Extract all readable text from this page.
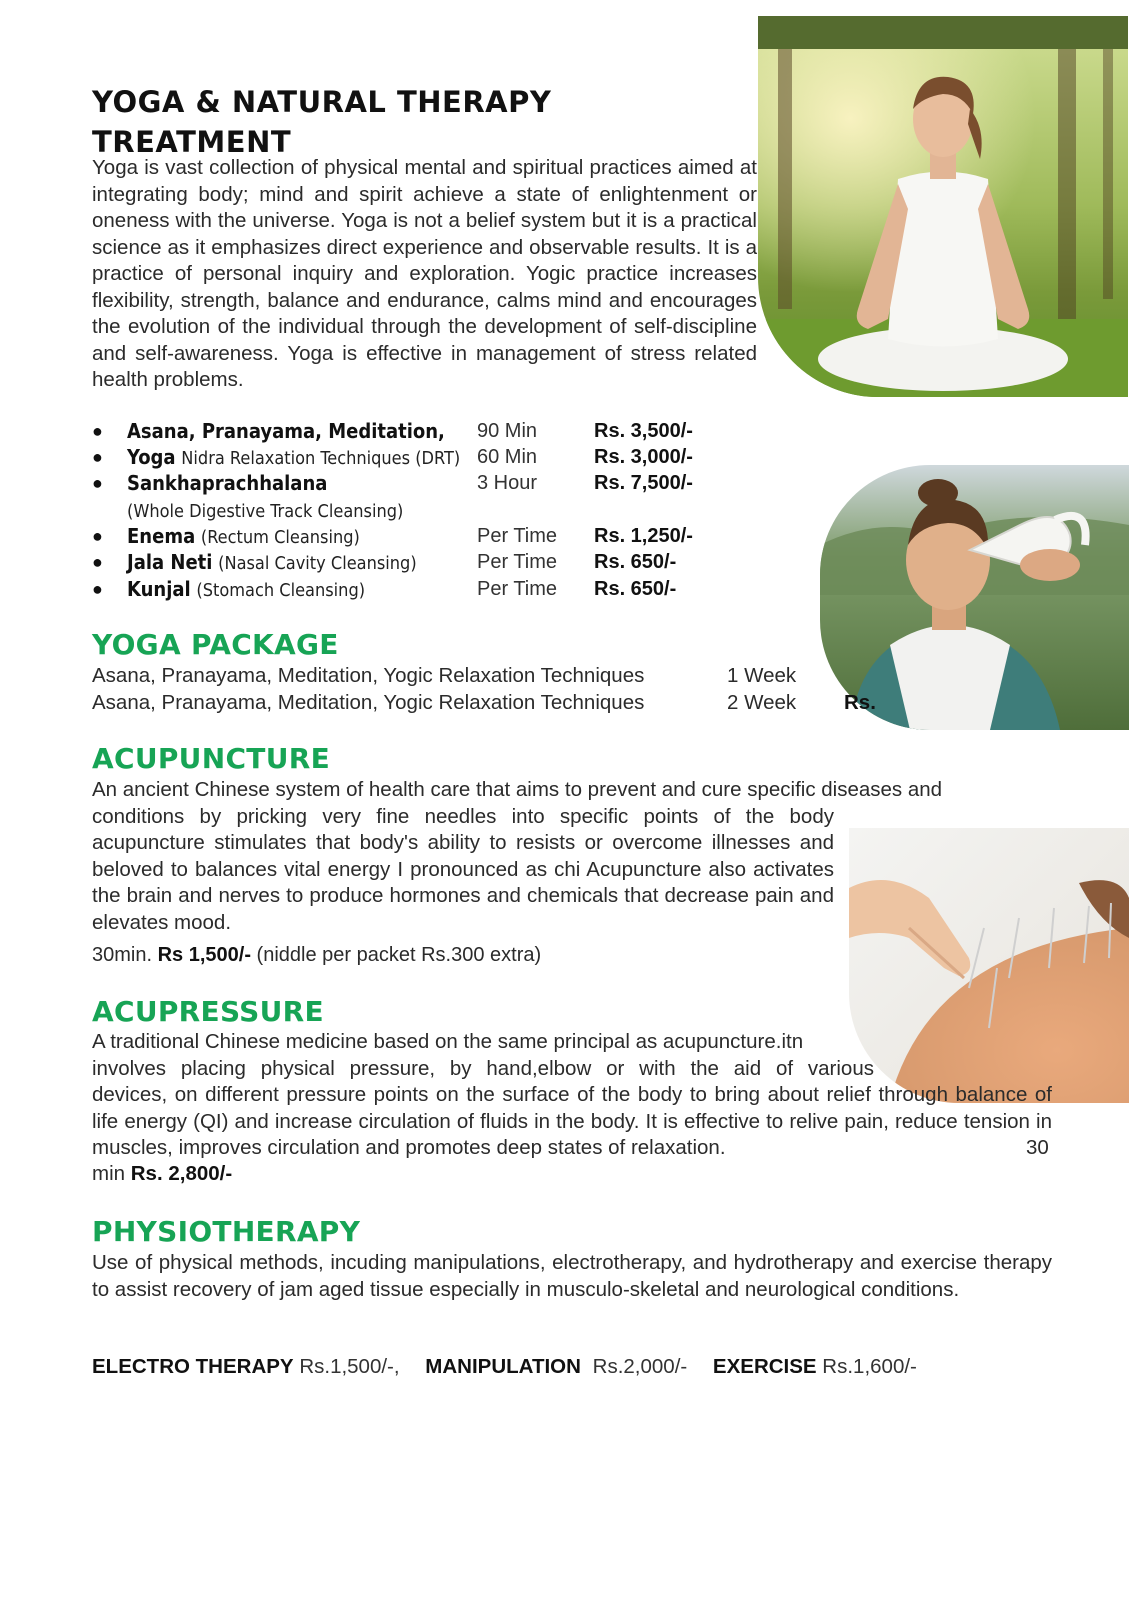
YOGA & NATURAL THERAPY TREATMENT

Yoga is vast collection of physical mental and spiritual practices aimed at integrating body; mind and spirit achieve a state of enlightenment or oneness with the universe. Yoga is not a belief system but it is a practical science as it emphasizes direct experience and observable results. It is a practice of personal inquiry and exploration. Yogic practice increases flexibility, strength, balance and endurance, calms mind and encourages the evolution of the individual through the development of self-discipline and self-awareness. Yoga is effective in management of stress related health problems.

● Asana, Pranayama, Meditation, 90 Min	Rs. 3,500/-
● Yoga Nidra Relaxation Techniques (DRT) 60 Min	Rs. 3,000/-
● Sankhaprachhalana	3 Hour	Rs. 7,500/-
(Whole Digestive Track Cleansing)
● Enema (Rectum Cleansing)	Per Time Rs. 1,250/-
● Jala Neti (Nasal Cavity Cleansing)	Per Time Rs. 650/-
● Kunjal (Stomach Cleansing)	Per Time Rs. 650/-
YOGA PACKAGE
Asana, Pranayama, Meditation, Yogic Relaxation Techniques	1 Week
Asana, Pranayama, Meditation, Yogic Relaxation Techniques	2 Week Rs.
ACUPUNCTURE

An ancient Chinese system of health care that aims to prevent and cure specific diseases and

conditions by pricking very fine needles into specific points of the body acupuncture stimulates that body's ability to resists or overcome illnesses and beloved to balances vital energy I pronounced as chi Acupuncture also activates the brain and nerves to produce hormones and chemicals that decrease pain and elevates mood.

30min. Rs 1,500/- (niddle per packet Rs.300 extra)

ACUPRESSURE

A traditional Chinese medicine based on the same principal as acupuncture.itn

involves placing physical pressure, by hand,elbow or with the aid of various

devices, on different pressure points on the surface of the body to bring about relief through balance of life energy (QI) and increase circulation of fluids in the body. It is effective to relive pain, reduce tension in muscles, improves circulation and promotes deep states of relaxation.	30

min Rs. 2,800/-

PHYSIOTHERAPY

Use of physical methods, incuding manipulations, electrotherapy, and hydrotherapy and exercise therapy to assist recovery of jam aged tissue especially in musculo-skeletal and neurological conditions.

ELECTRO THERAPY Rs.1,500/-, MANIPULATION Rs.2,000/- EXERCISE Rs.1,600/-
